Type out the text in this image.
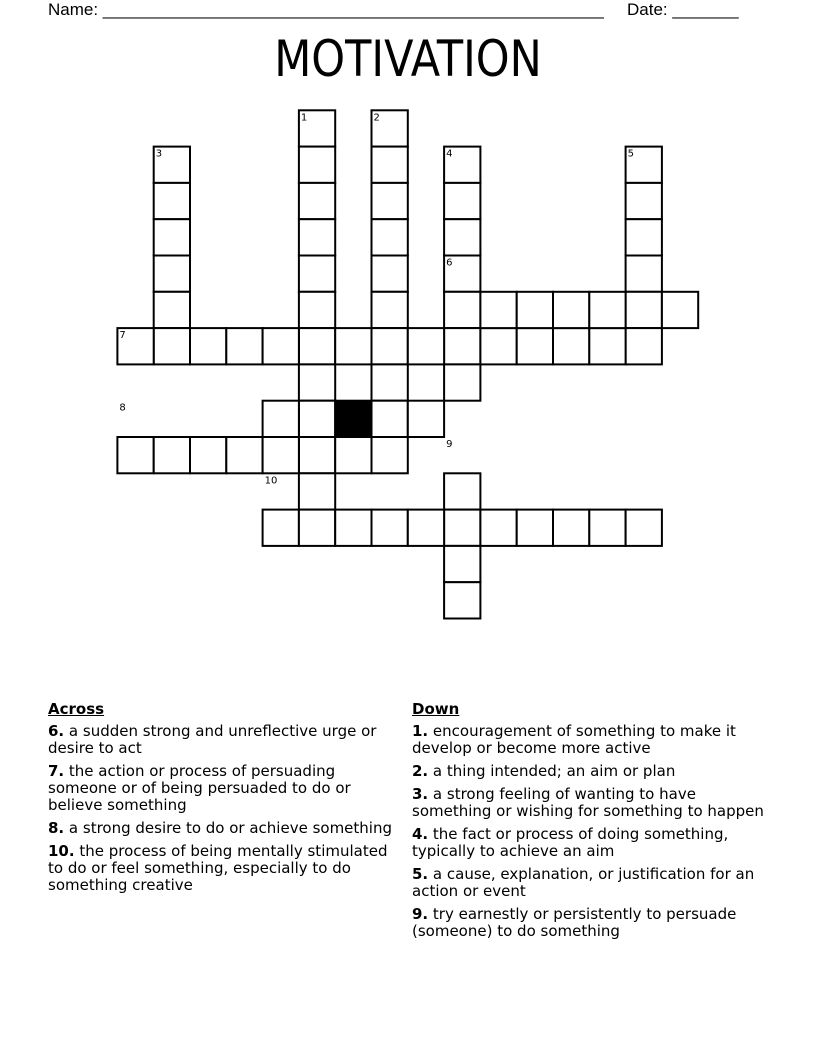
Name: _____________________________________________________ Date: _______
MOTIVATION
1	2
3	4	5
6
7
8
9
10
Across
6. a sudden strong and unreflective urge or desire to act
7. the action or process of persuading someone or of being persuaded to do or believe something
8. a strong desire to do or achieve something
10. the process of being mentally stimulated to do or feel something, especially to do something creative
Down
1. encouragement of something to make it develop or become more active
2. a thing intended; an aim or plan
3. a strong feeling of wanting to have something or wishing for something to happen
4. the fact or process of doing something, typically to achieve an aim
5. a cause, explanation, or justification for an action or event
9. try earnestly or persistently to persuade (someone) to do something
